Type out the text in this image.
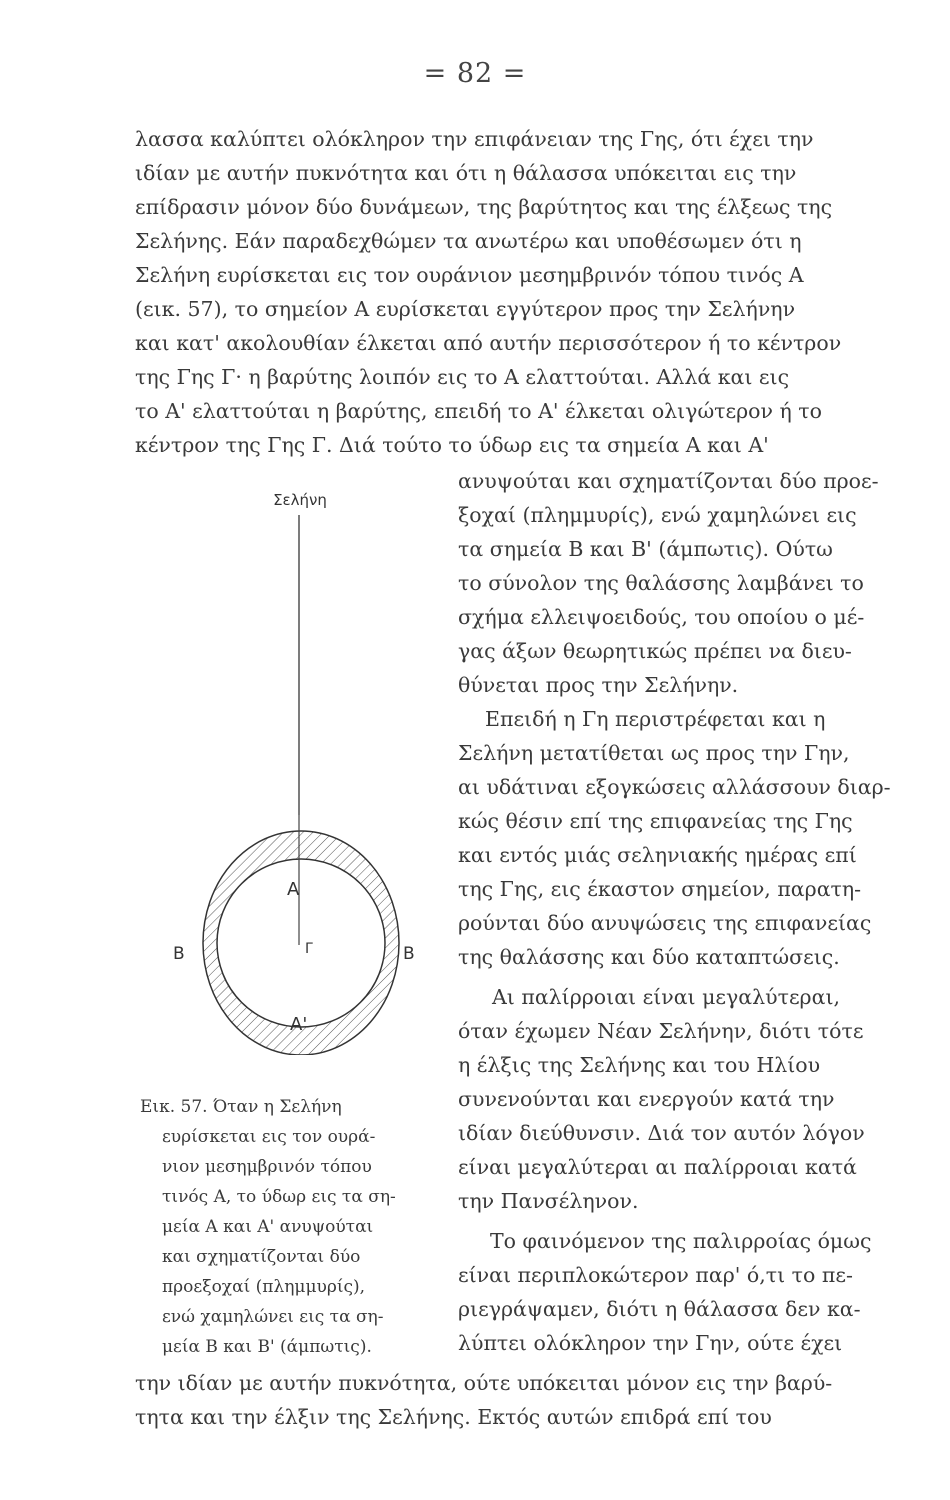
= 82 =
λασσα καλύπτει ολόκληρον την επιφάνειαν της Γης, ότι έχει την
ιδίαν με αυτήν πυκνότητα και ότι η θάλασσα υπόκειται εις την
επίδρασιν μόνον δύο δυνάμεων, της βαρύτητος και της έλξεως της
Σελήνης. Εάν παραδεχθώμεν τα ανωτέρω και υποθέσωμεν ότι η
Σελήνη ευρίσκεται εις τον ουράνιον μεσημβρινόν τόπου τινός Α
(εικ. 57), το σημείον Α ευρίσκεται εγγύτερον προς την Σελήνην
και κατ' ακολουθίαν έλκεται από αυτήν περισσότερον ή το κέντρον
της Γης Γ· η βαρύτης λοιπόν εις το Α ελαττούται. Αλλά και εις
το Α' ελαττούται η βαρύτης, επειδή το Α' έλκεται ολιγώτερον ή το
κέντρον της Γης Γ. Διά τούτο το ύδωρ εις τα σημεία Α και Α'
ανυψούται και σχηματίζονται δύο προε-
ξοχαί (πλημμυρίς), ενώ χαμηλώνει εις
τα σημεία Β και Β' (άμπωτις). Ούτω
το σύνολον της θαλάσσης λαμβάνει το
σχήμα ελλειψοειδούς, του οποίου ο μέ-
γας άξων θεωρητικώς πρέπει να διευ-
θύνεται προς την Σελήνην.
Επειδή η Γη περιστρέφεται και η
Σελήνη μετατίθεται ως προς την Γην,
αι υδάτιναι εξογκώσεις αλλάσσουν διαρ-
κώς θέσιν επί της επιφανείας της Γης
και εντός μιάς σεληνιακής ημέρας επί
της Γης, εις έκαστον σημείον, παρατη-
ρούνται δύο ανυψώσεις της επιφανείας
της θαλάσσης και δύο καταπτώσεις.
Αι παλίρροιαι είναι μεγαλύτεραι,
όταν έχωμεν Νέαν Σελήνην, διότι τότε
η έλξις της Σελήνης και του Ηλίου
συνενούνται και ενεργούν κατά την
ιδίαν διεύθυνσιν. Διά τον αυτόν λόγον
είναι μεγαλύτεραι αι παλίρροιαι κατά
την Πανσέληνον.
Το φαινόμενον της παλιρροίας όμως
είναι περιπλοκώτερον παρ' ό,τι το πε-
ριεγράψαμεν, διότι η θάλασσα δεν κα-
λύπτει ολόκληρον την Γην, ούτε έχει
Σελήνη
Α
Γ
Α'
Β	Β
Εικ. 57. Όταν η Σελήνη
ευρίσκεται εις τον ουρά-
νιον μεσημβρινόν τόπου
τινός Α, το ύδωρ εις τα ση-
μεία Α και Α' ανυψούται
και σχηματίζονται δύο
προεξοχαί (πλημμυρίς),
ενώ χαμηλώνει εις τα ση-
μεία Β και Β' (άμπωτις).
την ιδίαν με αυτήν πυκνότητα, ούτε υπόκειται μόνον εις την βαρύ-
τητα και την έλξιν της Σελήνης. Εκτός αυτών επιδρά επί του
